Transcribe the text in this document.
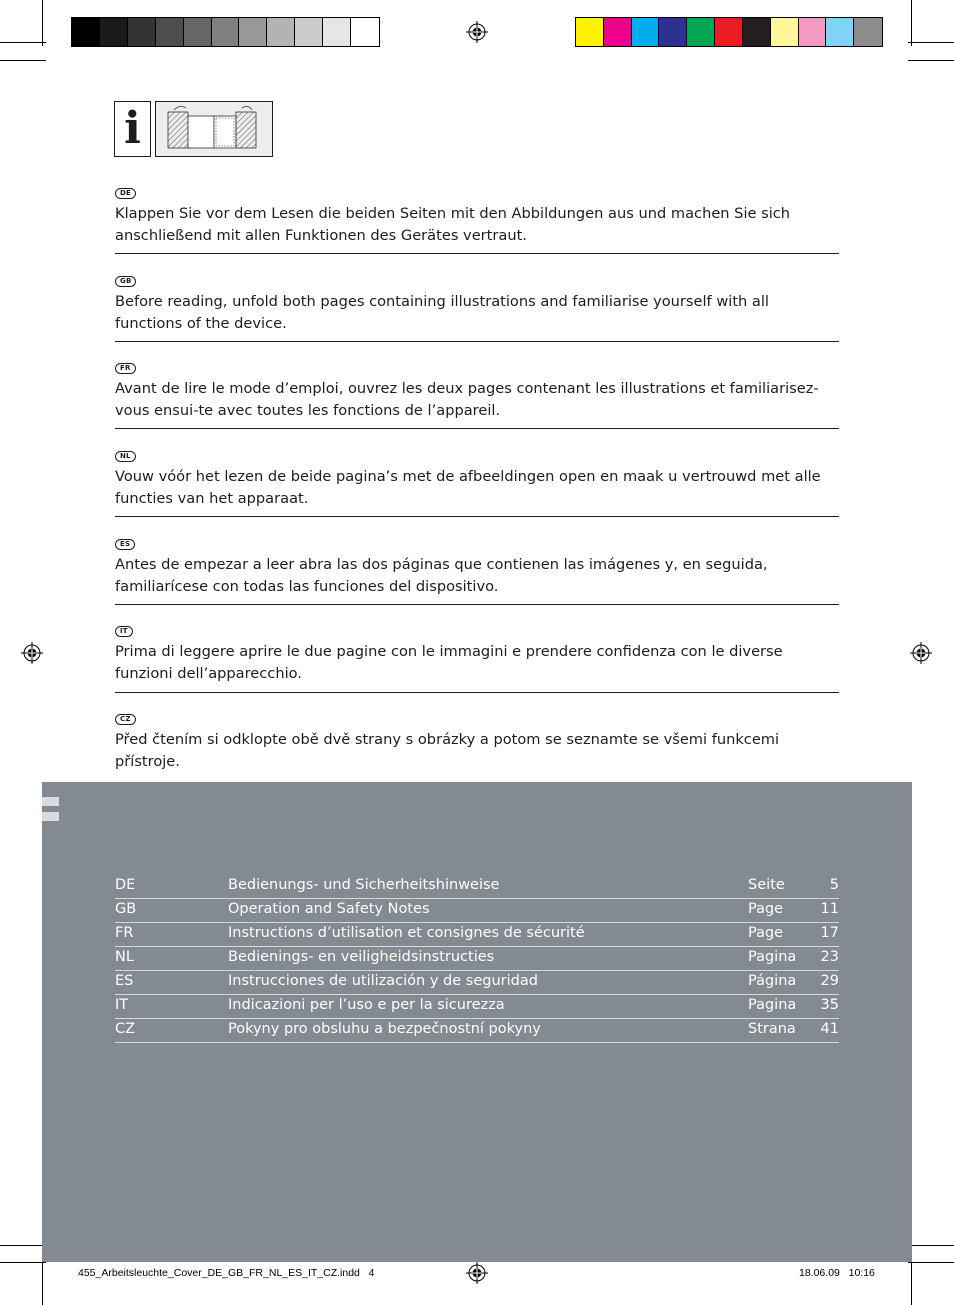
i
DE
Klappen Sie vor dem Lesen die beiden Seiten mit den Abbildungen aus und machen Sie sich anschließend mit allen Funktionen des Gerätes vertraut.
GB
Before reading, unfold both pages containing illustrations and familiarise yourself with all functions of the device.
FR
Avant de lire le mode d’emploi, ouvrez les deux pages contenant les illustrations et familiarisez-vous ensui-te avec toutes les fonctions de l’appareil.
NL
Vouw vóór het lezen de beide pagina’s met de afbeeldingen open en maak u vertrouwd met alle functies van het apparaat.
ES
Antes de empezar a leer abra las dos páginas que contienen las imágenes y, en seguida, familiarícese con todas las funciones del dispositivo.
IT
Prima di leggere aprire le due pagine con le immagini e prendere confidenza con le diverse funzioni dell’apparecchio.
CZ
Před čtením si odklopte obě dvě strany s obrázky a potom se seznamte se všemi funkcemi přístroje.
DE	Bedienungs- und Sicherheitshinweise	Seite	5
GB	Operation and Safety Notes	Page	11
FR	Instructions d’utilisation et consignes de sécurité	Page	17
NL	Bedienings- en veiligheidsinstructies	Pagina 23
ES	Instrucciones de utilización y de seguridad	Página 29
IT	Indicazioni per l’uso e per la sicurezza	Pagina 35
CZ	Pokyny pro obsluhu a bezpečnostní pokyny	Strana 41
455_Arbeitsleuchte_Cover_DE_GB_FR_NL_ES_IT_CZ.indd   4	18.06.09   10:16
